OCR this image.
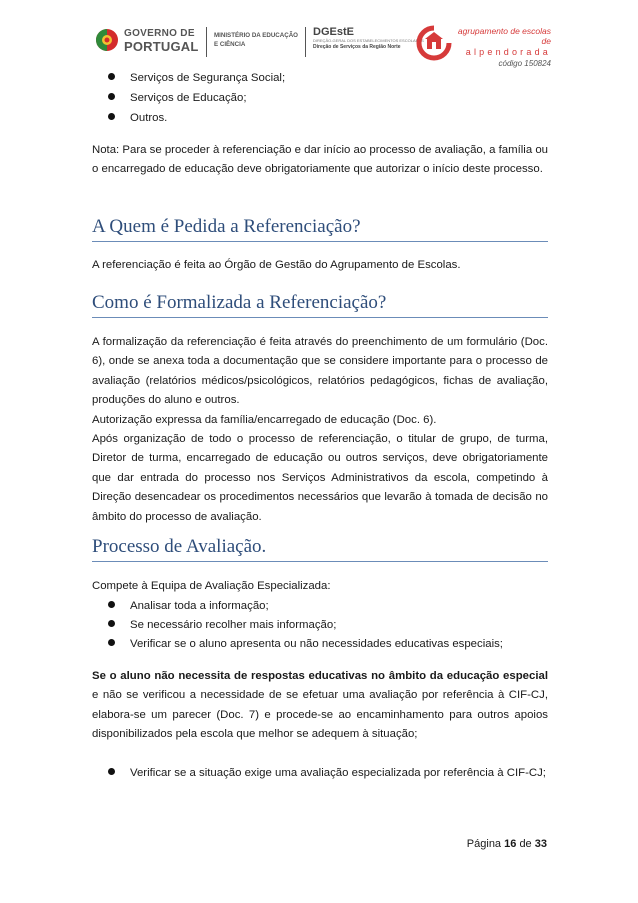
GOVERNO DE
PORTUGAL
MINISTÉRIO DA EDUCAÇÃO
E CIÊNCIA
DGEstE
DIREÇÃO-GERAL DOS ESTABELECIMENTOS ESCOLARES
Direção de Serviços da Região Norte
agrupamento de escolas de
alpendorada
código 150824
Serviços de Segurança Social;
Serviços de Educação;
Outros.
Nota: Para se proceder à referenciação e dar início ao processo de avaliação, a família ou o encarregado de educação deve obrigatoriamente que autorizar o início deste processo.
A Quem é Pedida a Referenciação?
A referenciação é feita ao Órgão de Gestão do Agrupamento de Escolas.
Como é Formalizada a Referenciação?

A formalização da referenciação é feita através do preenchimento de um formulário (Doc. 6), onde se anexa toda a documentação que se considere importante para o processo de avaliação (relatórios médicos/psicológicos, relatórios pedagógicos, fichas de avaliação, produções do aluno e outros.

Autorização expressa da família/encarregado de educação (Doc. 6).

Após organização de todo o processo de referenciação, o titular de grupo, de turma, Diretor de turma, encarregado de educação ou outros serviços, deve obrigatoriamente que dar entrada do processo nos Serviços Administrativos da escola, competindo à Direção desencadear os procedimentos necessários que levarão à tomada de decisão no âmbito do processo de avaliação.

Processo de Avaliação.
Compete à Equipa de Avaliação Especializada:
Analisar toda a informação;
Se necessário recolher mais informação;
Verificar se o aluno apresenta ou não necessidades educativas especiais;
Se o aluno não necessita de respostas educativas no âmbito da educação especial e não se verificou a necessidade de se efetuar uma avaliação por referência à CIF-CJ, elabora-se um parecer (Doc. 7) e procede-se ao encaminhamento para outros apoios disponibilizados pela escola que melhor se adequem à situação;
Verificar se a situação exige uma avaliação especializada por referência à CIF-CJ;
Página 16 de 33
